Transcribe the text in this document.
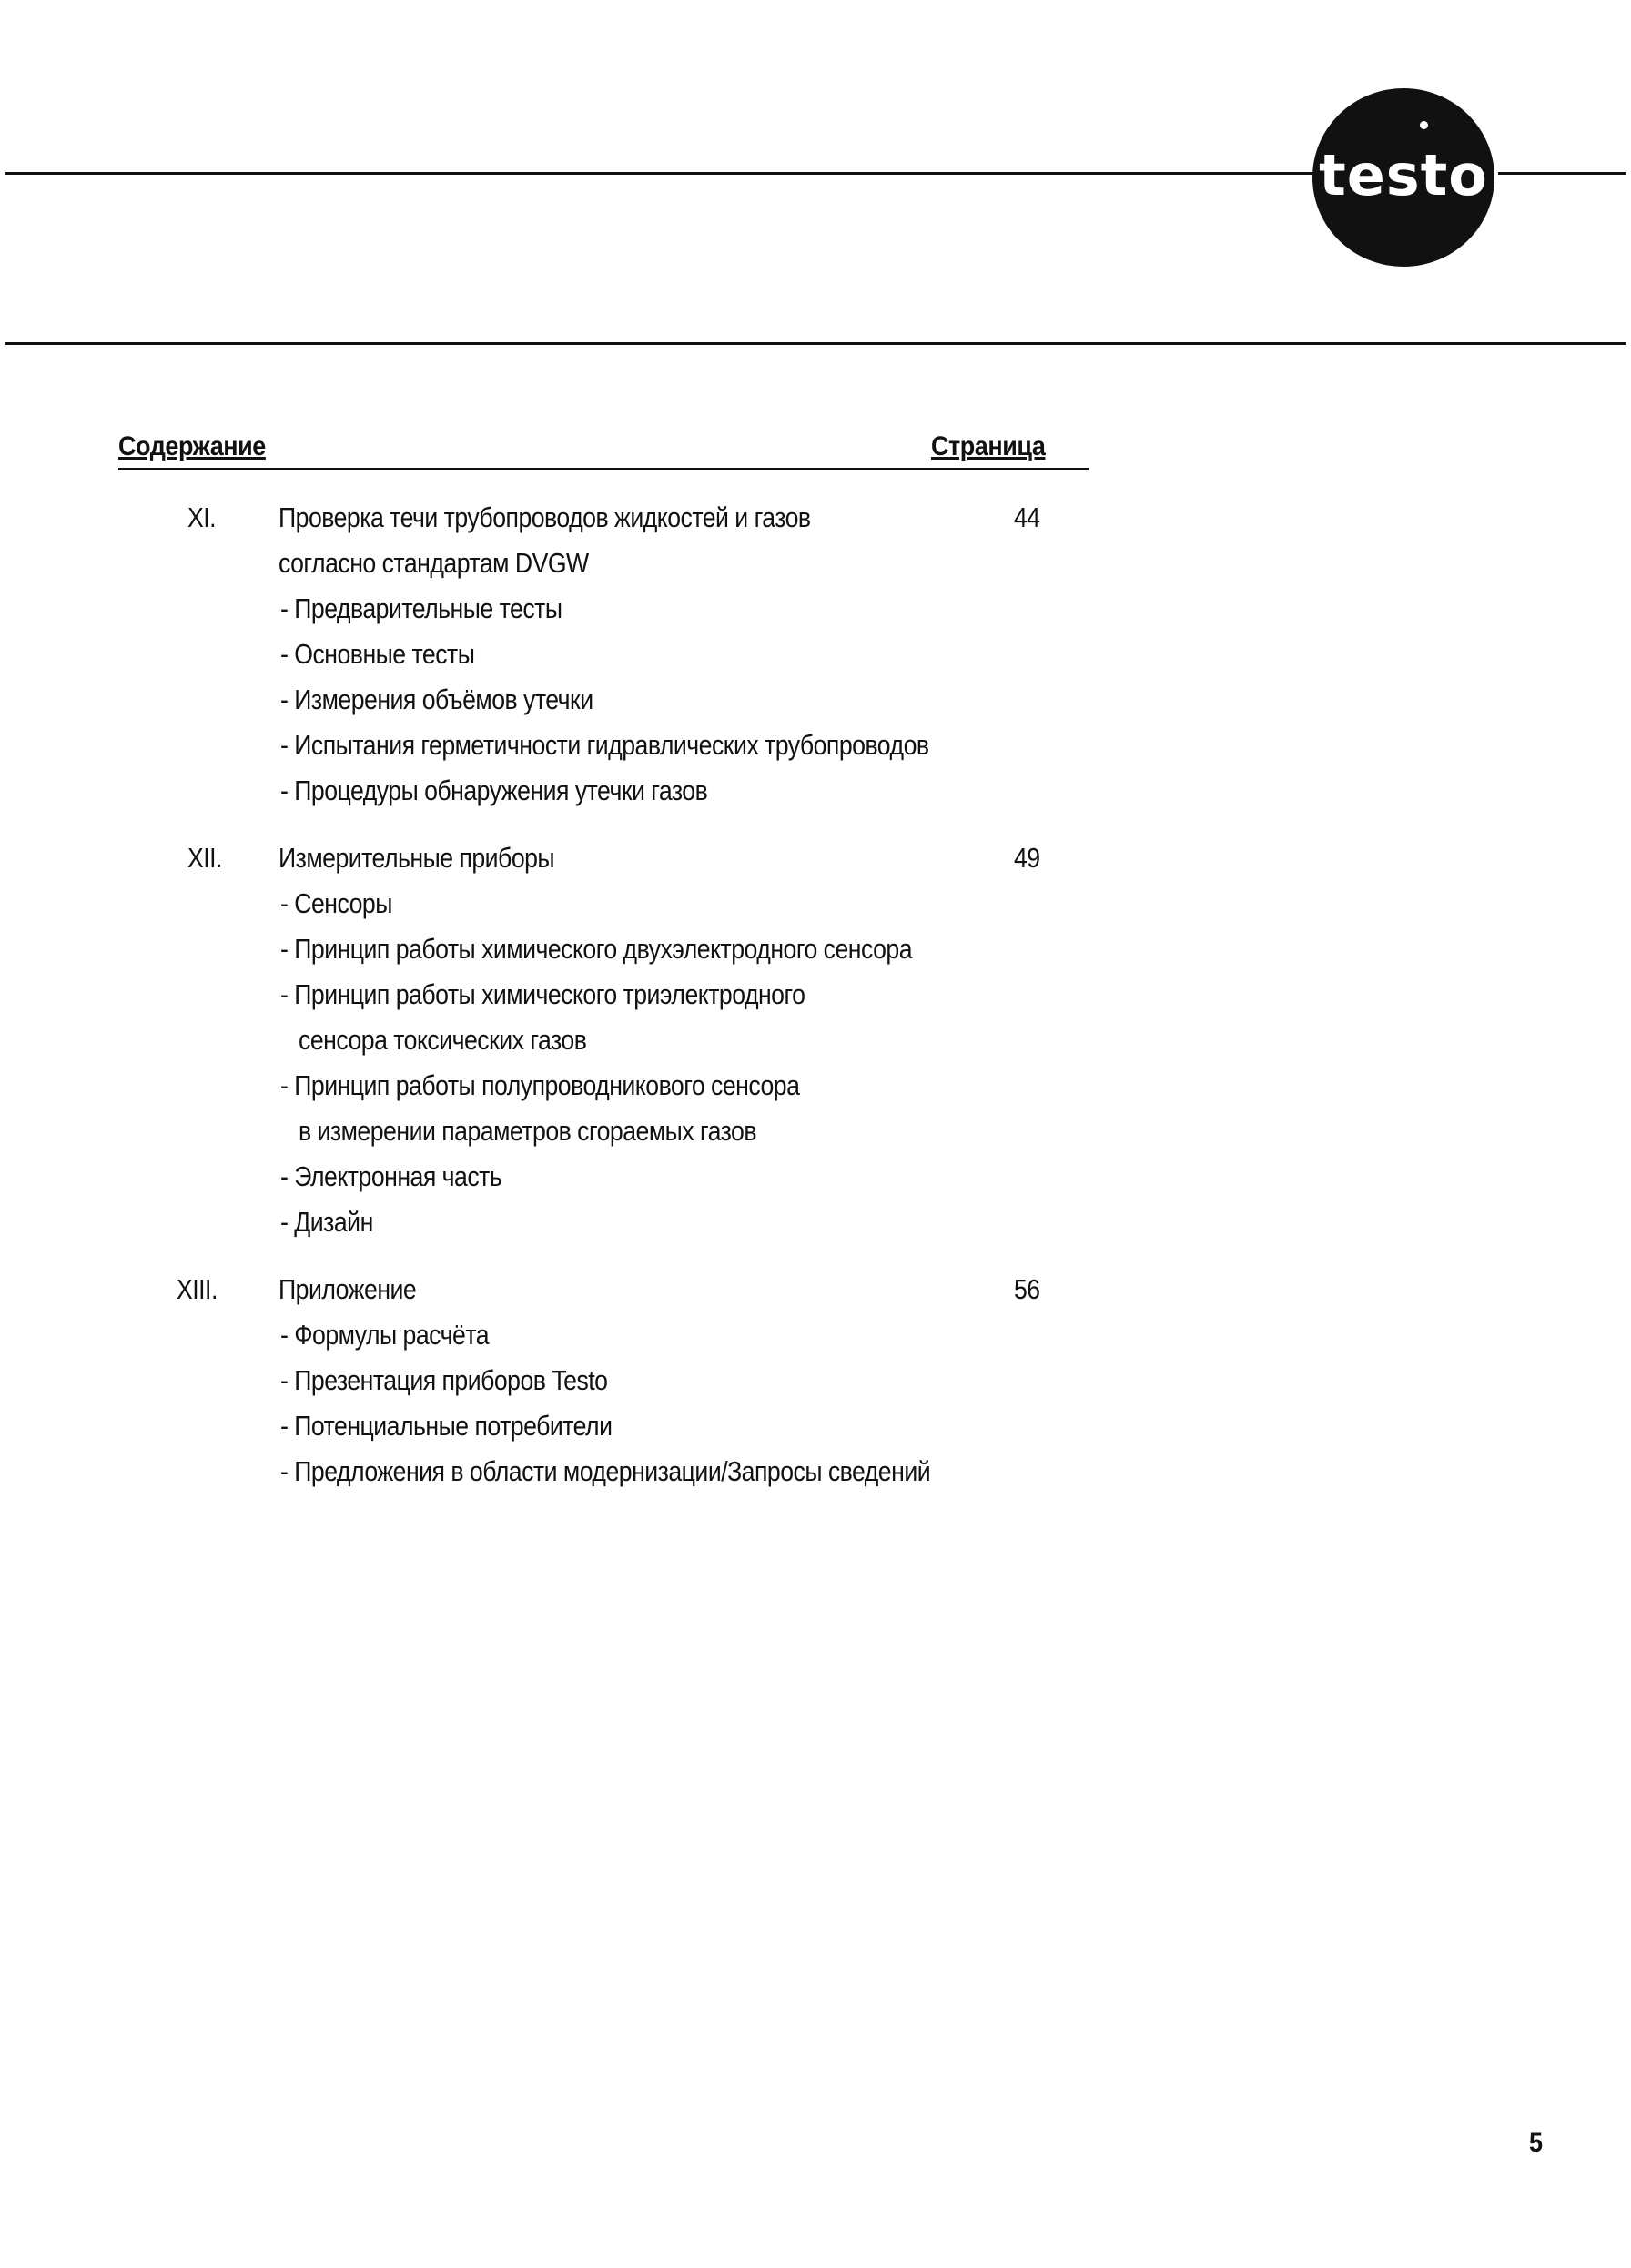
testo
Содержание	Страница
XI. Проверка течи трубопроводов жидкостей и газов	44
согласно стандартам DVGW
- Предварительные тесты
- Основные тесты
- Измерения объёмов утечки
- Испытания герметичности гидравлических трубопроводов
- Процедуры обнаружения утечки газов
XII. Измерительные приборы	49
- Сенсоры
- Принцип работы химического двухэлектродного сенсора
- Принцип работы химического триэлектродного
сенсора токсических газов
- Принцип работы полупроводникового сенсора
в измерении параметров сгораемых газов
- Электронная часть
- Дизайн
XIII. Приложение	56
- Формулы расчёта
- Презентация приборов Testo
- Потенциальные потребители
- Предложения в области модернизации/Запросы сведений
5
